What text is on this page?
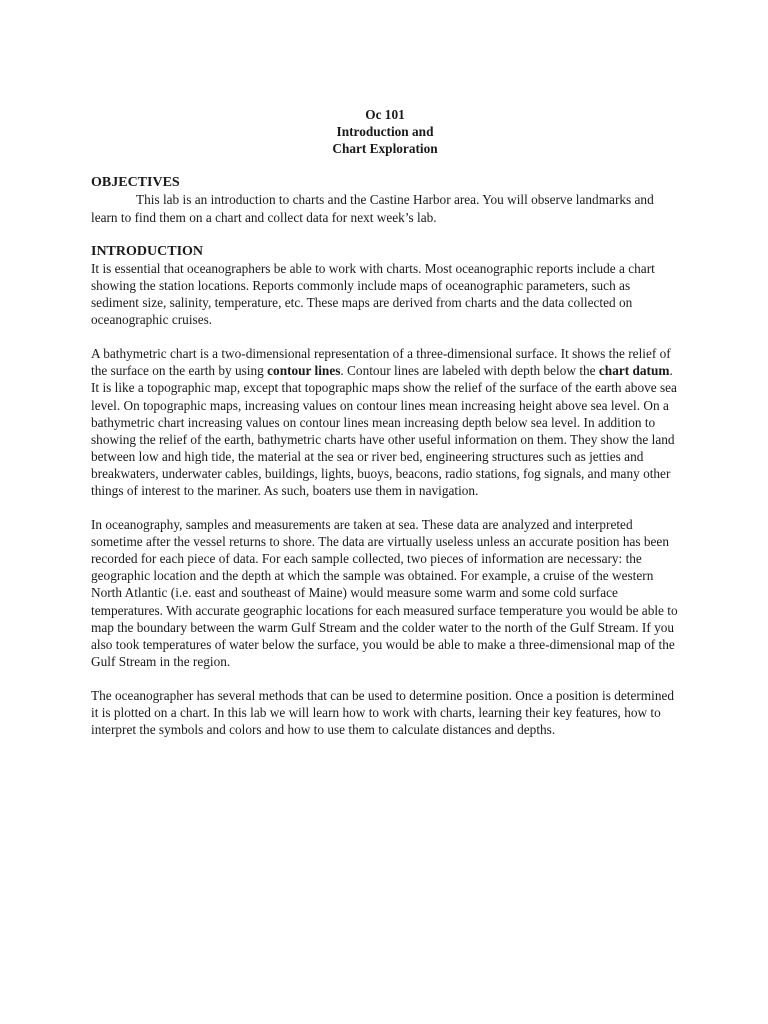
Oc 101
Introduction and
Chart Exploration
OBJECTIVES

This lab is an introduction to charts and the Castine Harbor area. You will observe landmarks and learn to find them on a chart and collect data for next week’s lab.

INTRODUCTION

It is essential that oceanographers be able to work with charts. Most oceanographic reports include a chart showing the station locations. Reports commonly include maps of oceanographic parameters, such as sediment size, salinity, temperature, etc. These maps are derived from charts and the data collected on oceanographic cruises.

A bathymetric chart is a two-dimensional representation of a three-dimensional surface. It shows the relief of the surface on the earth by using contour lines. Contour lines are labeled with depth below the chart datum. It is like a topographic map, except that topographic maps show the relief of the surface of the earth above sea level. On topographic maps, increasing values on contour lines mean increasing height above sea level. On a bathymetric chart increasing values on contour lines mean increasing depth below sea level. In addition to showing the relief of the earth, bathymetric charts have other useful information on them. They show the land between low and high tide, the material at the sea or river bed, engineering structures such as jetties and breakwaters, underwater cables, buildings, lights, buoys, beacons, radio stations, fog signals, and many other things of interest to the mariner. As such, boaters use them in navigation.

In oceanography, samples and measurements are taken at sea. These data are analyzed and interpreted sometime after the vessel returns to shore. The data are virtually useless unless an accurate position has been recorded for each piece of data. For each sample collected, two pieces of information are necessary: the geographic location and the depth at which the sample was obtained. For example, a cruise of the western North Atlantic (i.e. east and southeast of Maine) would measure some warm and some cold surface temperatures. With accurate geographic locations for each measured surface temperature you would be able to map the boundary between the warm Gulf Stream and the colder water to the north of the Gulf Stream. If you also took temperatures of water below the surface, you would be able to make a three-dimensional map of the Gulf Stream in the region.

The oceanographer has several methods that can be used to determine position. Once a position is determined it is plotted on a chart. In this lab we will learn how to work with charts, learning their key features, how to interpret the symbols and colors and how to use them to calculate distances and depths.
